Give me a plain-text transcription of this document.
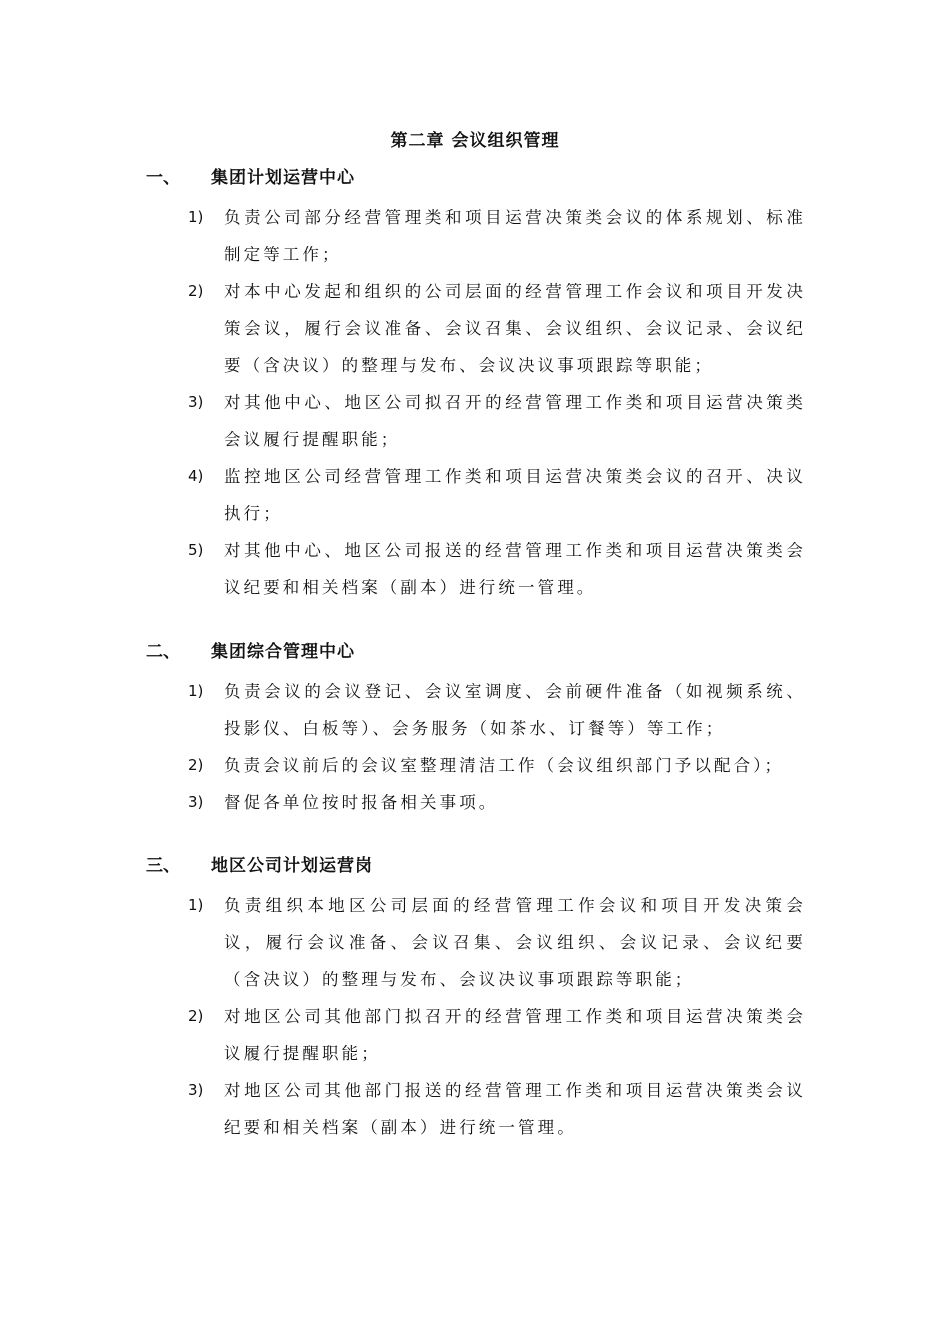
第二章 会议组织管理
一、 集团计划运营中心
1) 负责公司部分经营管理类和项目运营决策类会议的体系规划、标准制定等工作；
2) 对本中心发起和组织的公司层面的经营管理工作会议和项目开发决策会议，履行会议准备、会议召集、会议组织、会议记录、会议纪要（含决议）的整理与发布、会议决议事项跟踪等职能；
3) 对其他中心、地区公司拟召开的经营管理工作类和项目运营决策类会议履行提醒职能；
4) 监控地区公司经营管理工作类和项目运营决策类会议的召开、决议执行；
5) 对其他中心、地区公司报送的经营管理工作类和项目运营决策类会议纪要和相关档案（副本）进行统一管理。
二、 集团综合管理中心
1) 负责会议的会议登记、会议室调度、会前硬件准备（如视频系统、投影仪、白板等）、会务服务（如茶水、订餐等）等工作；
2) 负责会议前后的会议室整理清洁工作（会议组织部门予以配合）；
3) 督促各单位按时报备相关事项。
三、 地区公司计划运营岗
1) 负责组织本地区公司层面的经营管理工作会议和项目开发决策会议，履行会议准备、会议召集、会议组织、会议记录、会议纪要（含决议）的整理与发布、会议决议事项跟踪等职能；
2) 对地区公司其他部门拟召开的经营管理工作类和项目运营决策类会议履行提醒职能；
3) 对地区公司其他部门报送的经营管理工作类和项目运营决策类会议纪要和相关档案（副本）进行统一管理。
